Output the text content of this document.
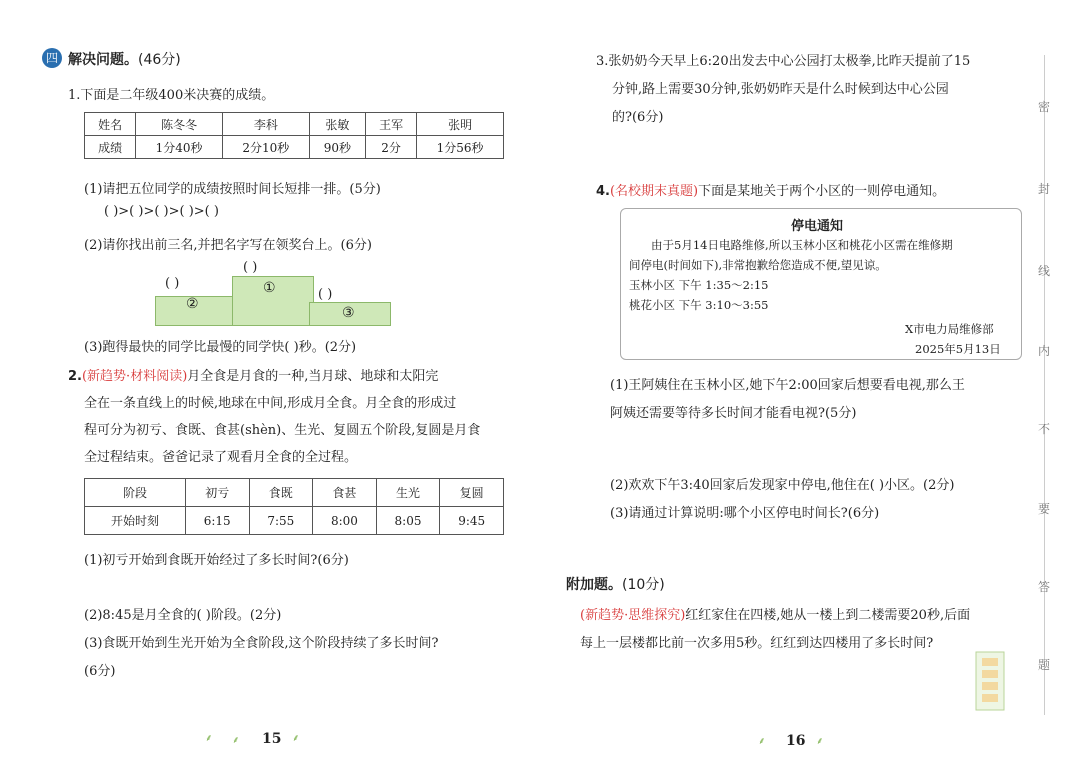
四 解决问题。(46分)
1.下面是二年级400米决赛的成绩。
姓名	陈冬冬	李科	张敏	王军	张明
成绩	1分40秒	2分10秒	90秒	2分	1分56秒
(1)请把五位同学的成绩按照时间长短排一排。(5分)
( )>( )>( )>( )>( )
(2)请你找出前三名,并把名字写在领奖台上。(6分)
( )
( )
( )
②
①
③
(3)跑得最快的同学比最慢的同学快( )秒。(2分)
2.(新趋势·材料阅读)月全食是月食的一种,当月球、地球和太阳完
全在一条直线上的时候,地球在中间,形成月全食。月全食的形成过
程可分为初亏、食既、食甚(shèn)、生光、复圆五个阶段,复圆是月食
全过程结束。爸爸记录了观看月全食的全过程。
阶段	初亏	食既	食甚	生光	复圆
开始时刻	6:15	7:55	8:00	8:05	9:45
(1)初亏开始到食既开始经过了多长时间?(6分)
(2)8:45是月全食的( )阶段。(2分)
(3)食既开始到生光开始为全食阶段,这个阶段持续了多长时间?
(6分)
⸙ ⸙ 15 ⸙
3.张奶奶今天早上6:20出发去中心公园打太极拳,比昨天提前了15
分钟,路上需要30分钟,张奶奶昨天是什么时候到达中心公园
的?(6分)
4.(名校期末真题)下面是某地关于两个小区的一则停电通知。
停电通知
由于5月14日电路维修,所以玉林小区和桃花小区需在维修期
间停电(时间如下),非常抱歉给您造成不便,望见谅。
玉林小区 下午 1:35～2:15
桃花小区 下午 3:10～3:55
X市电力局维修部
2025年5月13日
(1)王阿姨住在玉林小区,她下午2:00回家后想要看电视,那么王
阿姨还需要等待多长时间才能看电视?(5分)
(2)欢欢下午3:40回家后发现家中停电,他住在( )小区。(2分)
(3)请通过计算说明:哪个小区停电时间长?(6分)
附加题。(10分)
(新趋势·思维探究)红红家住在四楼,她从一楼上到二楼需要20秒,后面
每上一层楼都比前一次多用5秒。红红到达四楼用了多长时间?
⸙ 16 ⸙
密
封
线
内
不
要
答
题
